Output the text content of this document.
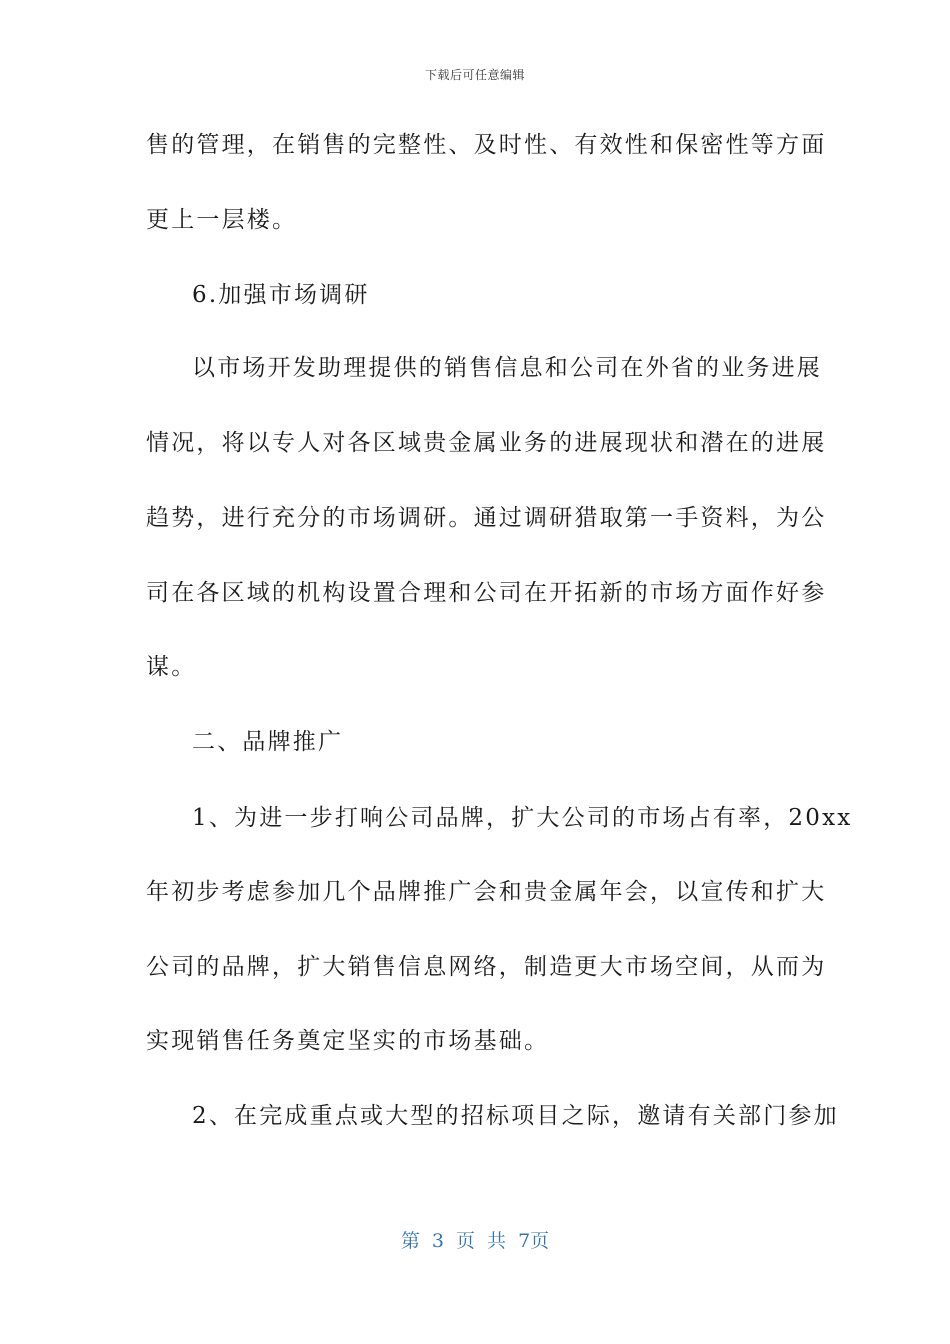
下载后可任意编辑
售的管理，在销售的完整性、及时性、有效性和保密性等方面
更上一层楼。
6.加强市场调研
以市场开发助理提供的销售信息和公司在外省的业务进展
情况，将以专人对各区域贵金属业务的进展现状和潜在的进展
趋势，进行充分的市场调研。通过调研猎取第一手资料，为公
司在各区域的机构设置合理和公司在开拓新的市场方面作好参
谋。
二、品牌推广
1、为进一步打响公司品牌，扩大公司的市场占有率，20xx
年初步考虑参加几个品牌推广会和贵金属年会，以宣传和扩大
公司的品牌，扩大销售信息网络，制造更大市场空间，从而为
实现销售任务奠定坚实的市场基础。
2、在完成重点或大型的招标项目之际，邀请有关部门参加
第 3 页 共 7页
